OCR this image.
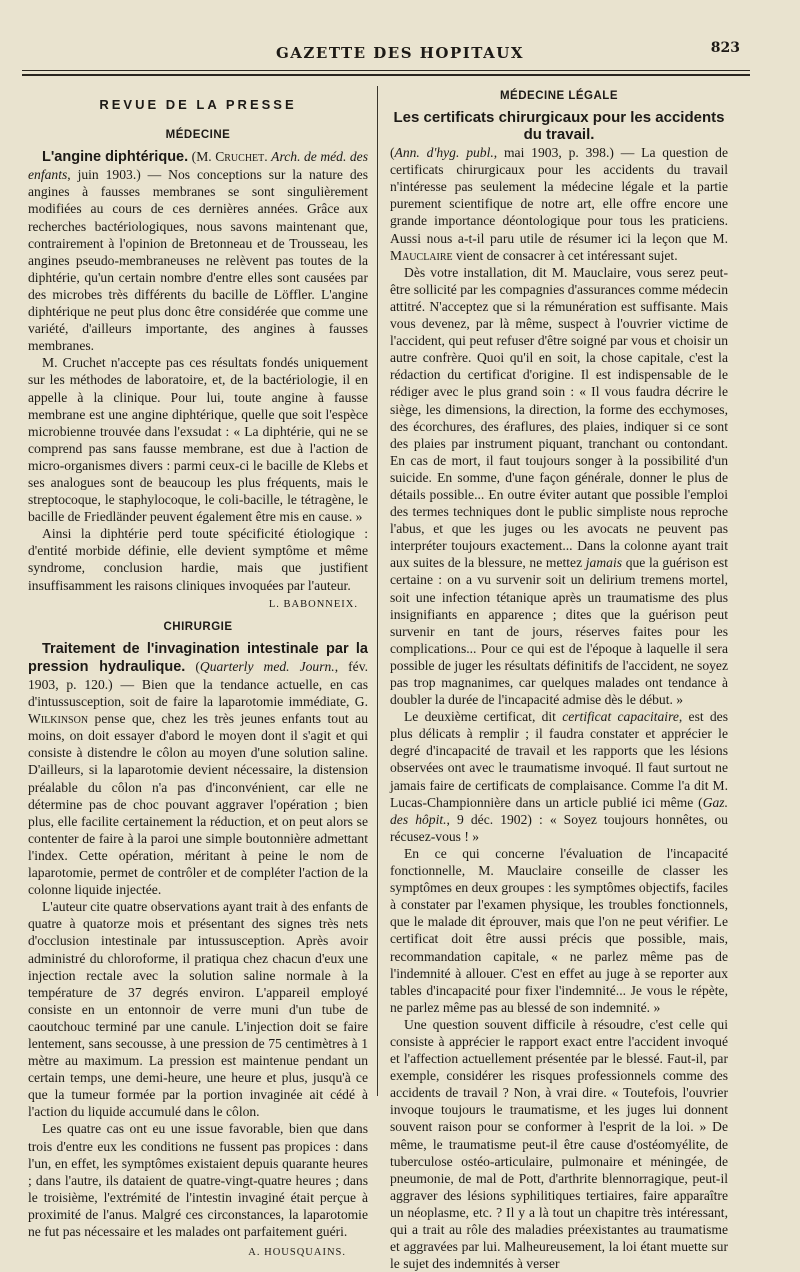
GAZETTE DES HOPITAUX	823
REVUE DE LA PRESSE
MÉDECINE

L'angine diphtérique. (M. Cruchet. Arch. de méd. des enfants, juin 1903.) — Nos conceptions sur la nature des angines à fausses membranes se sont singulièrement modifiées au cours de ces dernières années. Grâce aux recherches bactériologiques, nous savons maintenant que, contrairement à l'opinion de Bretonneau et de Trousseau, les angines pseudo-membraneuses ne relèvent pas toutes de la diphtérie, qu'un certain nombre d'entre elles sont causées par des microbes très différents du bacille de Löffler. L'angine diphtérique ne peut plus donc être considérée que comme une variété, d'ailleurs importante, des angines à fausses membranes.

M. Cruchet n'accepte pas ces résultats fondés uniquement sur les méthodes de laboratoire, et, de la bactériologie, il en appelle à la clinique. Pour lui, toute angine à fausse membrane est une angine diphtérique, quelle que soit l'espèce microbienne trouvée dans l'exsudat : « La diphtérie, qui ne se comprend pas sans fausse membrane, est due à l'action de micro-organismes divers : parmi ceux-ci le bacille de Klebs et ses analogues sont de beaucoup les plus fréquents, mais le streptocoque, le staphylocoque, le coli-bacille, le tétragène, le bacille de Friedländer peuvent également être mis en cause. »

Ainsi la diphtérie perd toute spécificité étiologique : d'entité morbide définie, elle devient symptôme et même syndrome, conclusion hardie, mais que justifient insuffisamment les raisons cliniques invoquées par l'auteur.

L. BABONNEIX.
CHIRURGIE

Traitement de l'invagination intestinale par la pression hydraulique. (Quarterly med. Journ., fév. 1903, p. 120.) — Bien que la tendance actuelle, en cas d'intussusception, soit de faire la laparotomie immédiate, G. Wilkinson pense que, chez les très jeunes enfants tout au moins, on doit essayer d'abord le moyen dont il s'agit et qui consiste à distendre le côlon au moyen d'une solution saline. D'ailleurs, si la laparotomie devient nécessaire, la distension préalable du côlon n'a pas d'inconvénient, car elle ne détermine pas de choc pouvant aggraver l'opération ; bien plus, elle facilite certainement la réduction, et on peut alors se contenter de faire à la paroi une simple boutonnière admettant l'index. Cette opération, méritant à peine le nom de laparotomie, permet de contrôler et de compléter l'action de la colonne liquide injectée.

L'auteur cite quatre observations ayant trait à des enfants de quatre à quatorze mois et présentant des signes très nets d'occlusion intestinale par intussusception. Après avoir administré du chloroforme, il pratiqua chez chacun d'eux une injection rectale avec la solution saline normale à la température de 37 degrés environ. L'appareil employé consiste en un entonnoir de verre muni d'un tube de caoutchouc terminé par une canule. L'injection doit se faire lentement, sans secousse, à une pression de 75 centimètres à 1 mètre au maximum. La pression est maintenue pendant un certain temps, une demi-heure, une heure et plus, jusqu'à ce que la tumeur formée par la portion invaginée ait cédé à l'action du liquide accumulé dans le côlon.

Les quatre cas ont eu une issue favorable, bien que dans trois d'entre eux les conditions ne fussent pas propices : dans l'un, en effet, les symptômes existaient depuis quarante heures ; dans l'autre, ils dataient de quatre-vingt-quatre heures ; dans le troisième, l'extrémité de l'intestin invaginé était perçue à proximité de l'anus. Malgré ces circonstances, la laparotomie ne fut pas nécessaire et les malades ont parfaitement guéri.

A. HOUSQUAINS.
MÉDECINE LÉGALE
Les certificats chirurgicaux pour les accidents du travail.

(Ann. d'hyg. publ., mai 1903, p. 398.) — La question de certificats chirurgicaux pour les accidents du travail n'intéresse pas seulement la médecine légale et la partie purement scientifique de notre art, elle offre encore une grande importance déontologique pour tous les praticiens. Aussi nous a-t-il paru utile de résumer ici la leçon que M. Mauclaire vient de consacrer à cet intéressant sujet.

Dès votre installation, dit M. Mauclaire, vous serez peut-être sollicité par les compagnies d'assurances comme médecin attitré. N'acceptez que si la rémunération est suffisante. Mais vous devenez, par là même, suspect à l'ouvrier victime de l'accident, qui peut refuser d'être soigné par vous et choisir un autre confrère. Quoi qu'il en soit, la chose capitale, c'est la rédaction du certificat d'origine. Il est indispensable de le rédiger avec le plus grand soin : « Il vous faudra décrire le siège, les dimensions, la direction, la forme des ecchymoses, des écorchures, des éraflures, des plaies, indiquer si ce sont des plaies par instrument piquant, tranchant ou contondant. En cas de mort, il faut toujours songer à la possibilité d'un suicide. En somme, d'une façon générale, donner le plus de détails possible... En outre éviter autant que possible l'emploi des termes techniques dont le public simpliste nous reproche l'abus, et que les juges ou les avocats ne peuvent pas interpréter toujours exactement... Dans la colonne ayant trait aux suites de la blessure, ne mettez jamais que la guérison est certaine : on a vu survenir soit un delirium tremens mortel, soit une infection tétanique après un traumatisme des plus insignifiants en apparence ; dites que la guérison peut survenir en tant de jours, réserves faites pour les complications... Pour ce qui est de l'époque à laquelle il sera possible de juger les résultats définitifs de l'accident, ne soyez pas trop magnanimes, car quelques malades ont tendance à doubler la durée de l'incapacité admise dès le début. »

Le deuxième certificat, dit certificat capacitaire, est des plus délicats à remplir ; il faudra constater et apprécier le degré d'incapacité de travail et les rapports que les lésions observées ont avec le traumatisme invoqué. Il faut surtout ne jamais faire de certificats de complaisance. Comme l'a dit M. Lucas-Championnière dans un article publié ici même (Gaz. des hôpit., 9 déc. 1902) : « Soyez toujours honnêtes, ou récusez-vous ! »

En ce qui concerne l'évaluation de l'incapacité fonctionnelle, M. Mauclaire conseille de classer les symptômes en deux groupes : les symptômes objectifs, faciles à constater par l'examen physique, les troubles fonctionnels, que le malade dit éprouver, mais que l'on ne peut vérifier. Le certificat doit être aussi précis que possible, mais, recommandation capitale, « ne parlez même pas de l'indemnité à allouer. C'est en effet au juge à se reporter aux tables d'incapacité pour fixer l'indemnité... Je vous le répète, ne parlez même pas au blessé de son indemnité. »

Une question souvent difficile à résoudre, c'est celle qui consiste à apprécier le rapport exact entre l'accident invoqué et l'affection actuellement présentée par le blessé. Faut-il, par exemple, considérer les risques professionnels comme des accidents de travail ? Non, à vrai dire. « Toutefois, l'ouvrier invoque toujours le traumatisme, et les juges lui donnent souvent raison pour se conformer à l'esprit de la loi. » De même, le traumatisme peut-il être cause d'ostéomyélite, de tuberculose ostéo-articulaire, pulmonaire et méningée, de pneumonie, de mal de Pott, d'arthrite blennorragique, peut-il aggraver des lésions syphilitiques tertiaires, faire apparaître un néoplasme, etc. ? Il y a là tout un chapitre très intéressant, qui a trait au rôle des maladies préexistantes au traumatisme et aggravées par lui. Malheureusement, la loi étant muette sur le sujet des indemnités à verser
